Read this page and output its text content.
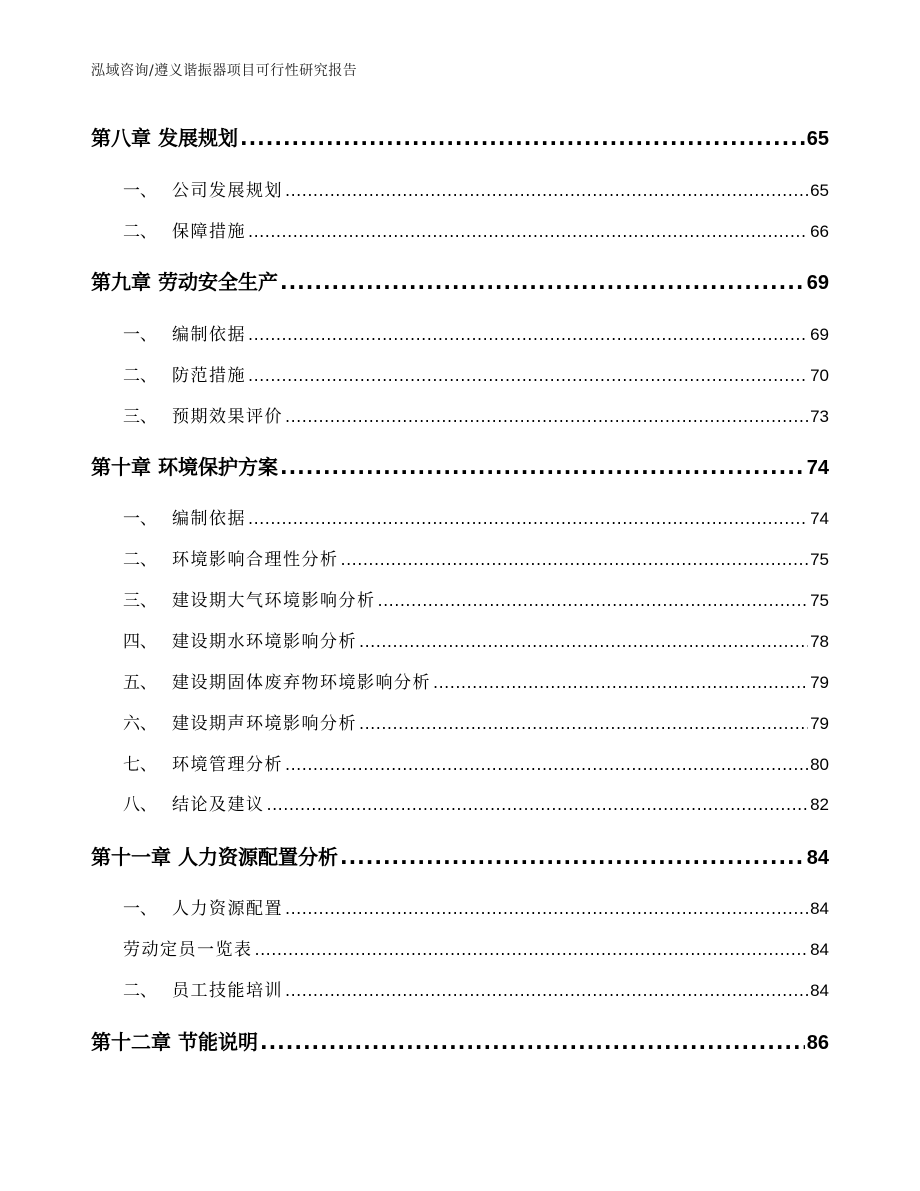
泓域咨询/遵义谐振器项目可行性研究报告
第八章 发展规划 .....	65
一、 公司发展规划 .....	65
二、 保障措施 .....	66
第九章 劳动安全生产 .....	69
一、 编制依据 .....	69
二、 防范措施 .....	70
三、 预期效果评价 .....	73
第十章 环境保护方案 .....	74
一、 编制依据 .....	74
二、 环境影响合理性分析 .....	75
三、 建设期大气环境影响分析 .....	75
四、 建设期水环境影响分析 .....	78
五、 建设期固体废弃物环境影响分析 .....	79
六、 建设期声环境影响分析 .....	79
七、 环境管理分析 .....	80
八、 结论及建议 .....	82
第十一章 人力资源配置分析 .....	84
一、 人力资源配置 .....	84
劳动定员一览表 .....	84
二、 员工技能培训 .....	84
第十二章 节能说明 .....	86
